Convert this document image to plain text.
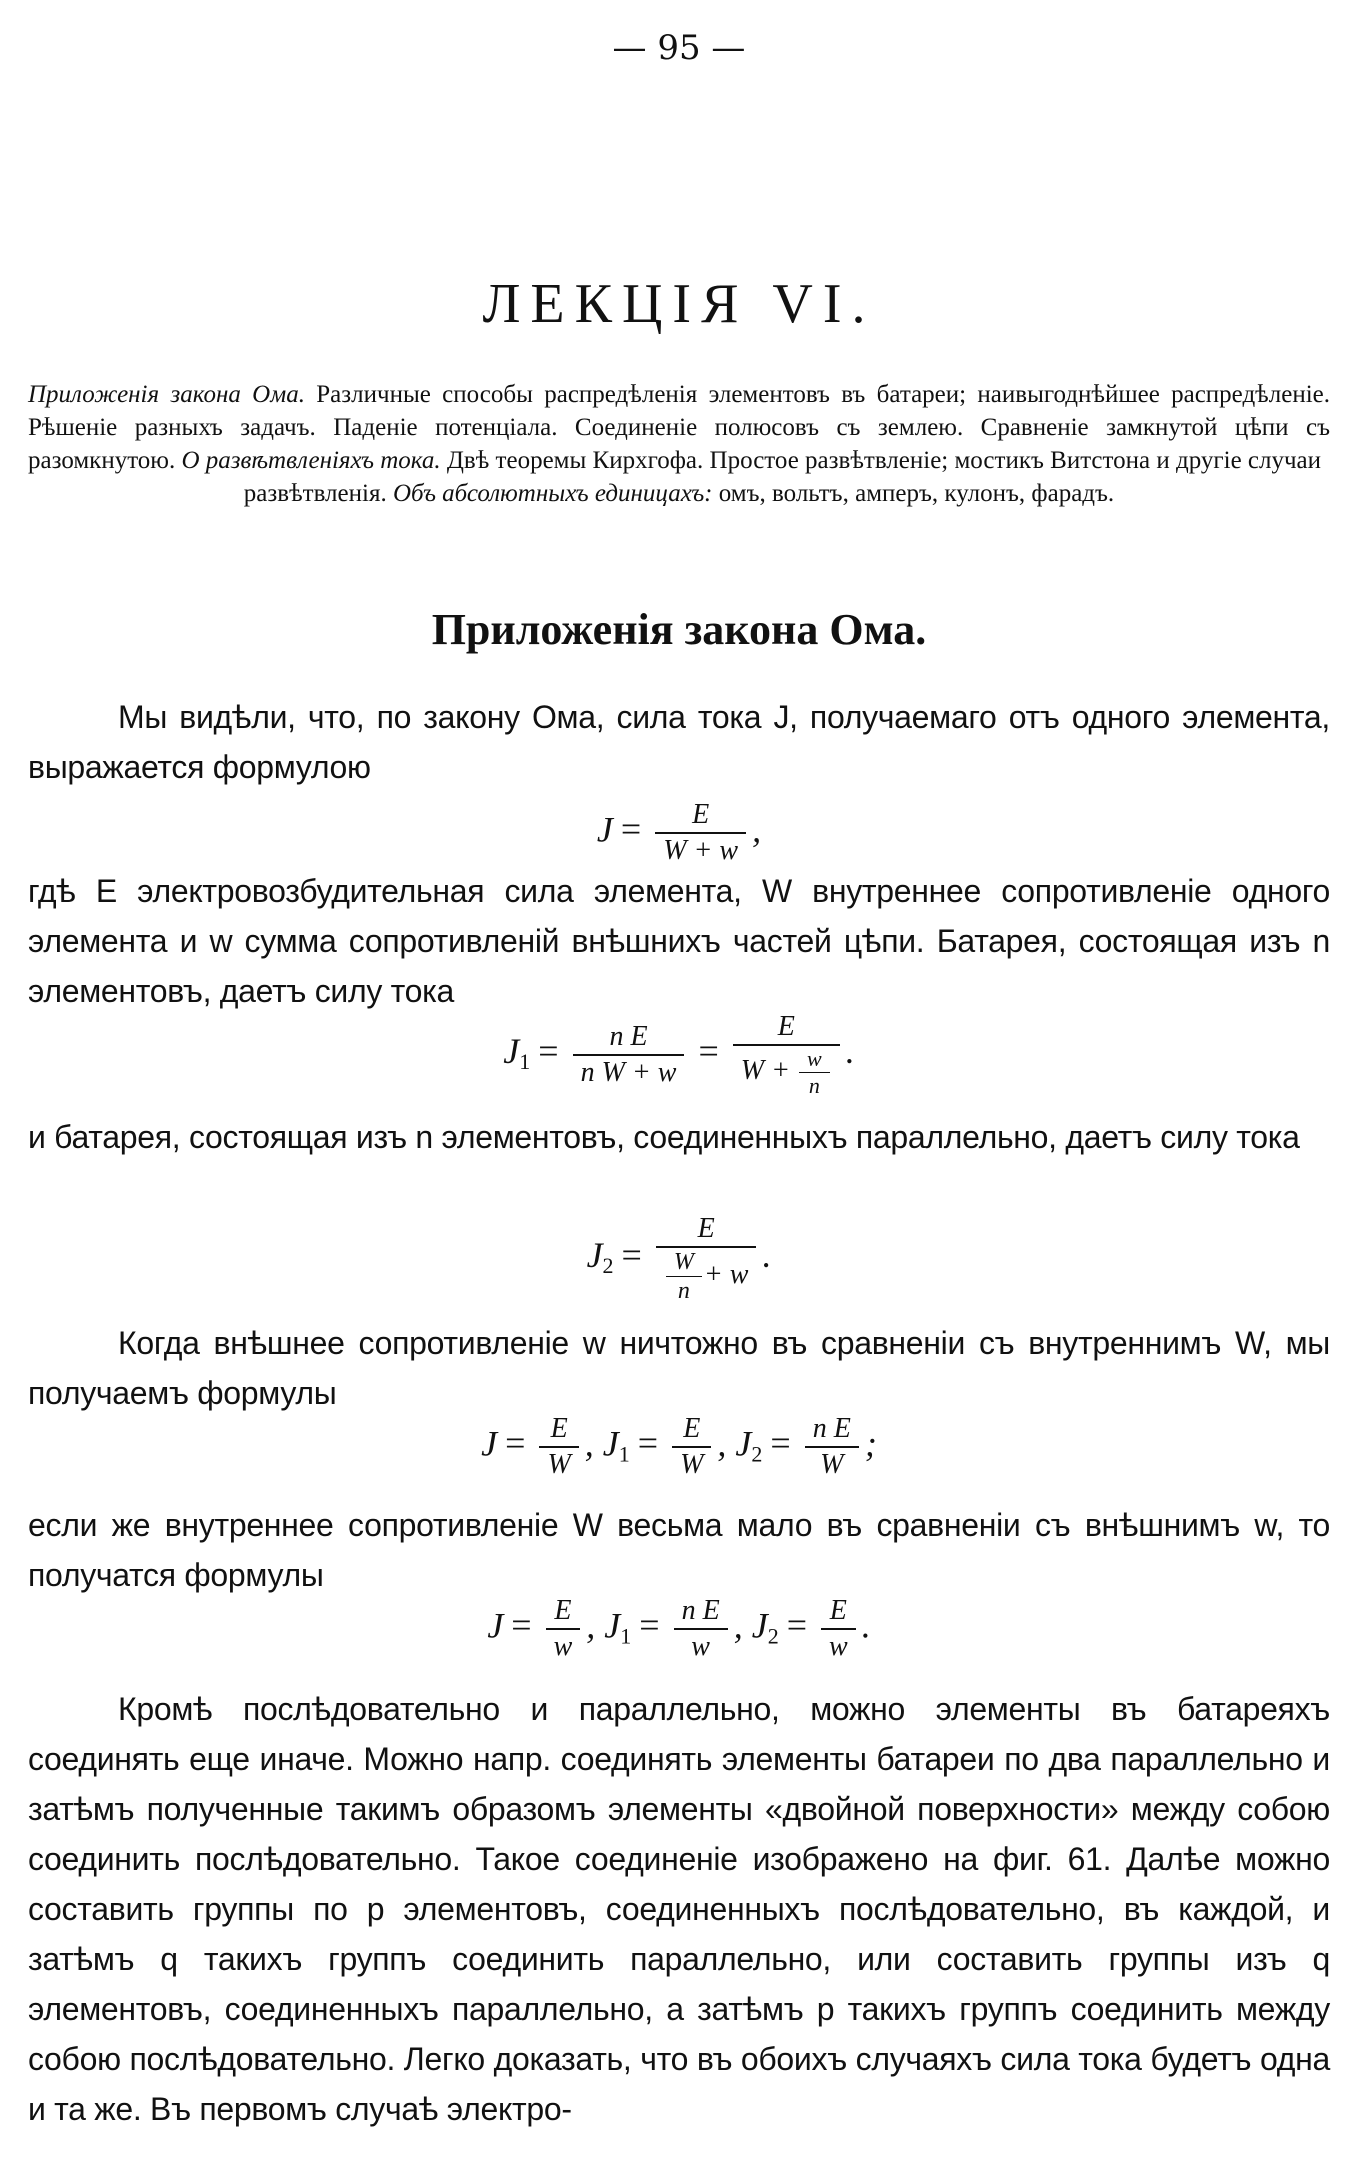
— 95 —
ЛЕКЦІЯ VI.
Приложенія закона Ома. Различные способы распредѣленія элементовъ въ батареи; наивыгоднѣйшее распредѣленіе. Рѣшеніе разныхъ задачъ. Паденіе потенціала. Соединеніе полюсовъ съ землею. Сравненіе замкнутой цѣпи съ разомкнутою. О развѣтвленіяхъ тока. Двѣ теоремы Кирхгофа. Простое развѣтвленіе; мостикъ Витстона и другіе случаи
развѣтвленія. Объ абсолютныхъ единицахъ: омъ, вольтъ, амперъ, кулонъ, фарадъ.
Приложенія закона Ома.
Мы видѣли, что, по закону Ома, сила тока J, получаемаго отъ одного элемента, выражается формулою
$J = \frac{E}{W + w}$ ,
гдѣ E электровозбудительная сила элемента, W внутреннее сопротивленіе одного элемента и w сумма сопротивленій внѣшнихъ частей цѣпи. Батарея, состоящая изъ n элементовъ, даетъ силу тока
$J_1 = \frac{\text{n E}}{\text{n W + w}} = \frac{E}{W + \frac{w}{n}}$ .
и батарея, состоящая изъ n элементовъ, соединенныхъ параллельно, даетъ силу тока
$J_2 = \frac{E}{\frac{W}{n} + w}$ .
Когда внѣшнее сопротивленіе w ничтожно въ сравненіи съ внутреннимъ W, мы получаемъ формулы
$J = \frac{E}{W}$ , $J_1 = \frac{E}{W}$ , $J_2 = \frac{\text{n E}}{W}$ ;
если же внутреннее сопротивленіе W весьма мало въ сравненіи съ внѣшнимъ w, то получатся формулы
$J = \frac{E}{w}$ , $J_1 = \frac{\text{n E}}{w}$ , $J_2 = \frac{E}{w}$ .
Кромѣ послѣдовательно и параллельно, можно элементы въ батареяхъ соединять еще иначе. Можно напр. соединять элементы батареи по два параллельно и затѣмъ полученные такимъ образомъ элементы «двойной поверхности» между собою соединить послѣдовательно. Такое соединеніе изображено на фиг. 61. Далѣе можно составить группы по p элементовъ, соединенныхъ послѣдовательно, въ каждой, и затѣмъ q такихъ группъ соединить параллельно, или составить группы изъ q элементовъ, соединенныхъ параллельно, а затѣмъ p такихъ группъ соединить между собою послѣдовательно. Легко доказать, что въ обоихъ случаяхъ сила тока будетъ одна и та же. Въ первомъ случаѣ электро-
